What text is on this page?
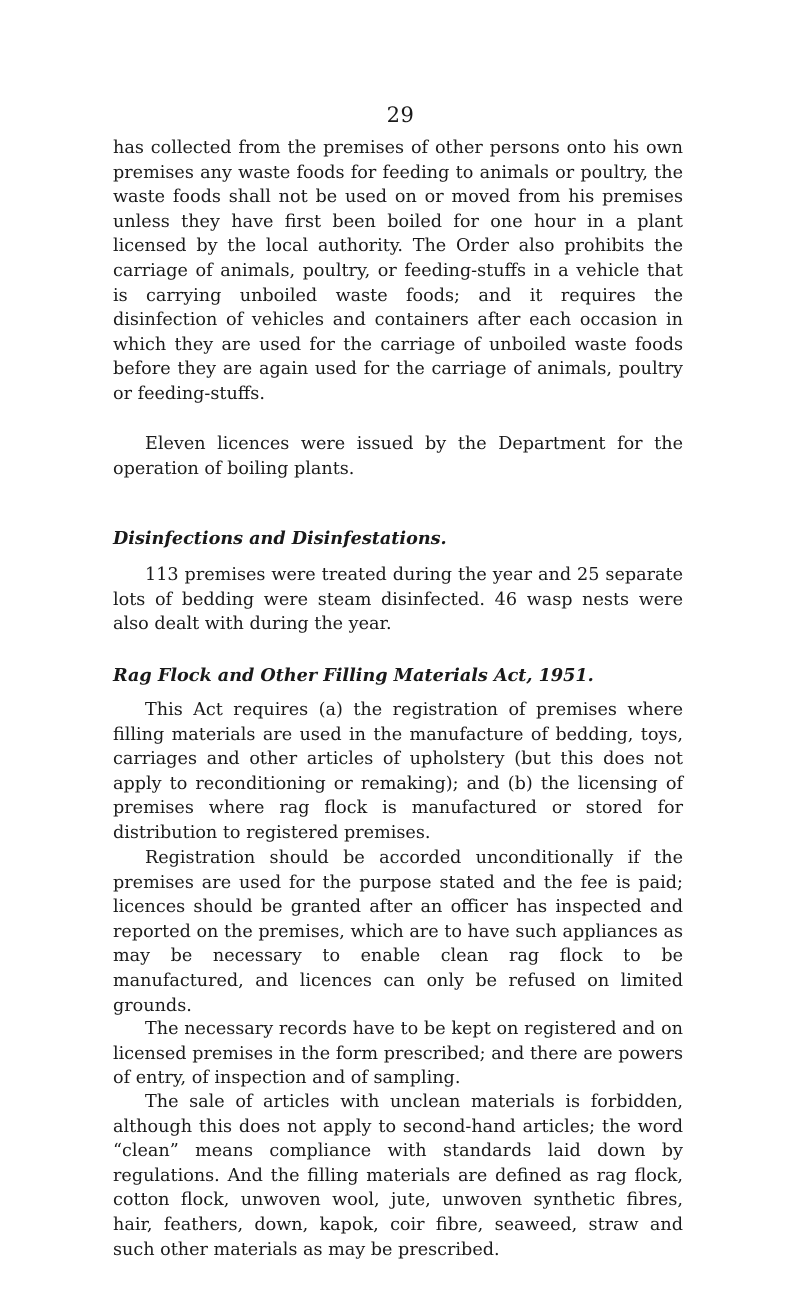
29

has collected from the premises of other persons onto his own premises any waste foods for feeding to animals or poultry, the waste foods shall not be used on or moved from his premises unless they have first been boiled for one hour in a plant licensed by the local authority. The Order also prohibits the carriage of animals, poultry, or feeding-stuffs in a vehicle that is carrying unboiled waste foods; and it requires the disinfection of vehicles and containers after each occasion in which they are used for the carriage of unboiled waste foods before they are again used for the carriage of animals, poultry or feeding-stuffs.

Eleven licences were issued by the Department for the operation of boiling plants.

Disinfections and Disinfestations.

113 premises were treated during the year and 25 separate lots of bedding were steam disinfected. 46 wasp nests were also dealt with during the year.

Rag Flock and Other Filling Materials Act, 1951.

This Act requires (a) the registration of premises where filling materials are used in the manufacture of bedding, toys, carriages and other articles of upholstery (but this does not apply to reconditioning or remaking); and (b) the licensing of premises where rag flock is manufactured or stored for distribution to registered premises.

Registration should be accorded unconditionally if the premises are used for the purpose stated and the fee is paid; licences should be granted after an officer has inspected and reported on the premises, which are to have such appliances as may be necessary to enable clean rag flock to be manufactured, and licences can only be refused on limited grounds.

The necessary records have to be kept on registered and on licensed premises in the form prescribed; and there are powers of entry, of inspection and of sampling.

The sale of articles with unclean materials is forbidden, although this does not apply to second-hand articles; the word “clean” means compliance with standards laid down by regulations. And the filling materials are defined as rag flock, cotton flock, unwoven wool, jute, unwoven synthetic fibres, hair, feathers, down, kapok, coir fibre, seaweed, straw and such other materials as may be prescribed.
